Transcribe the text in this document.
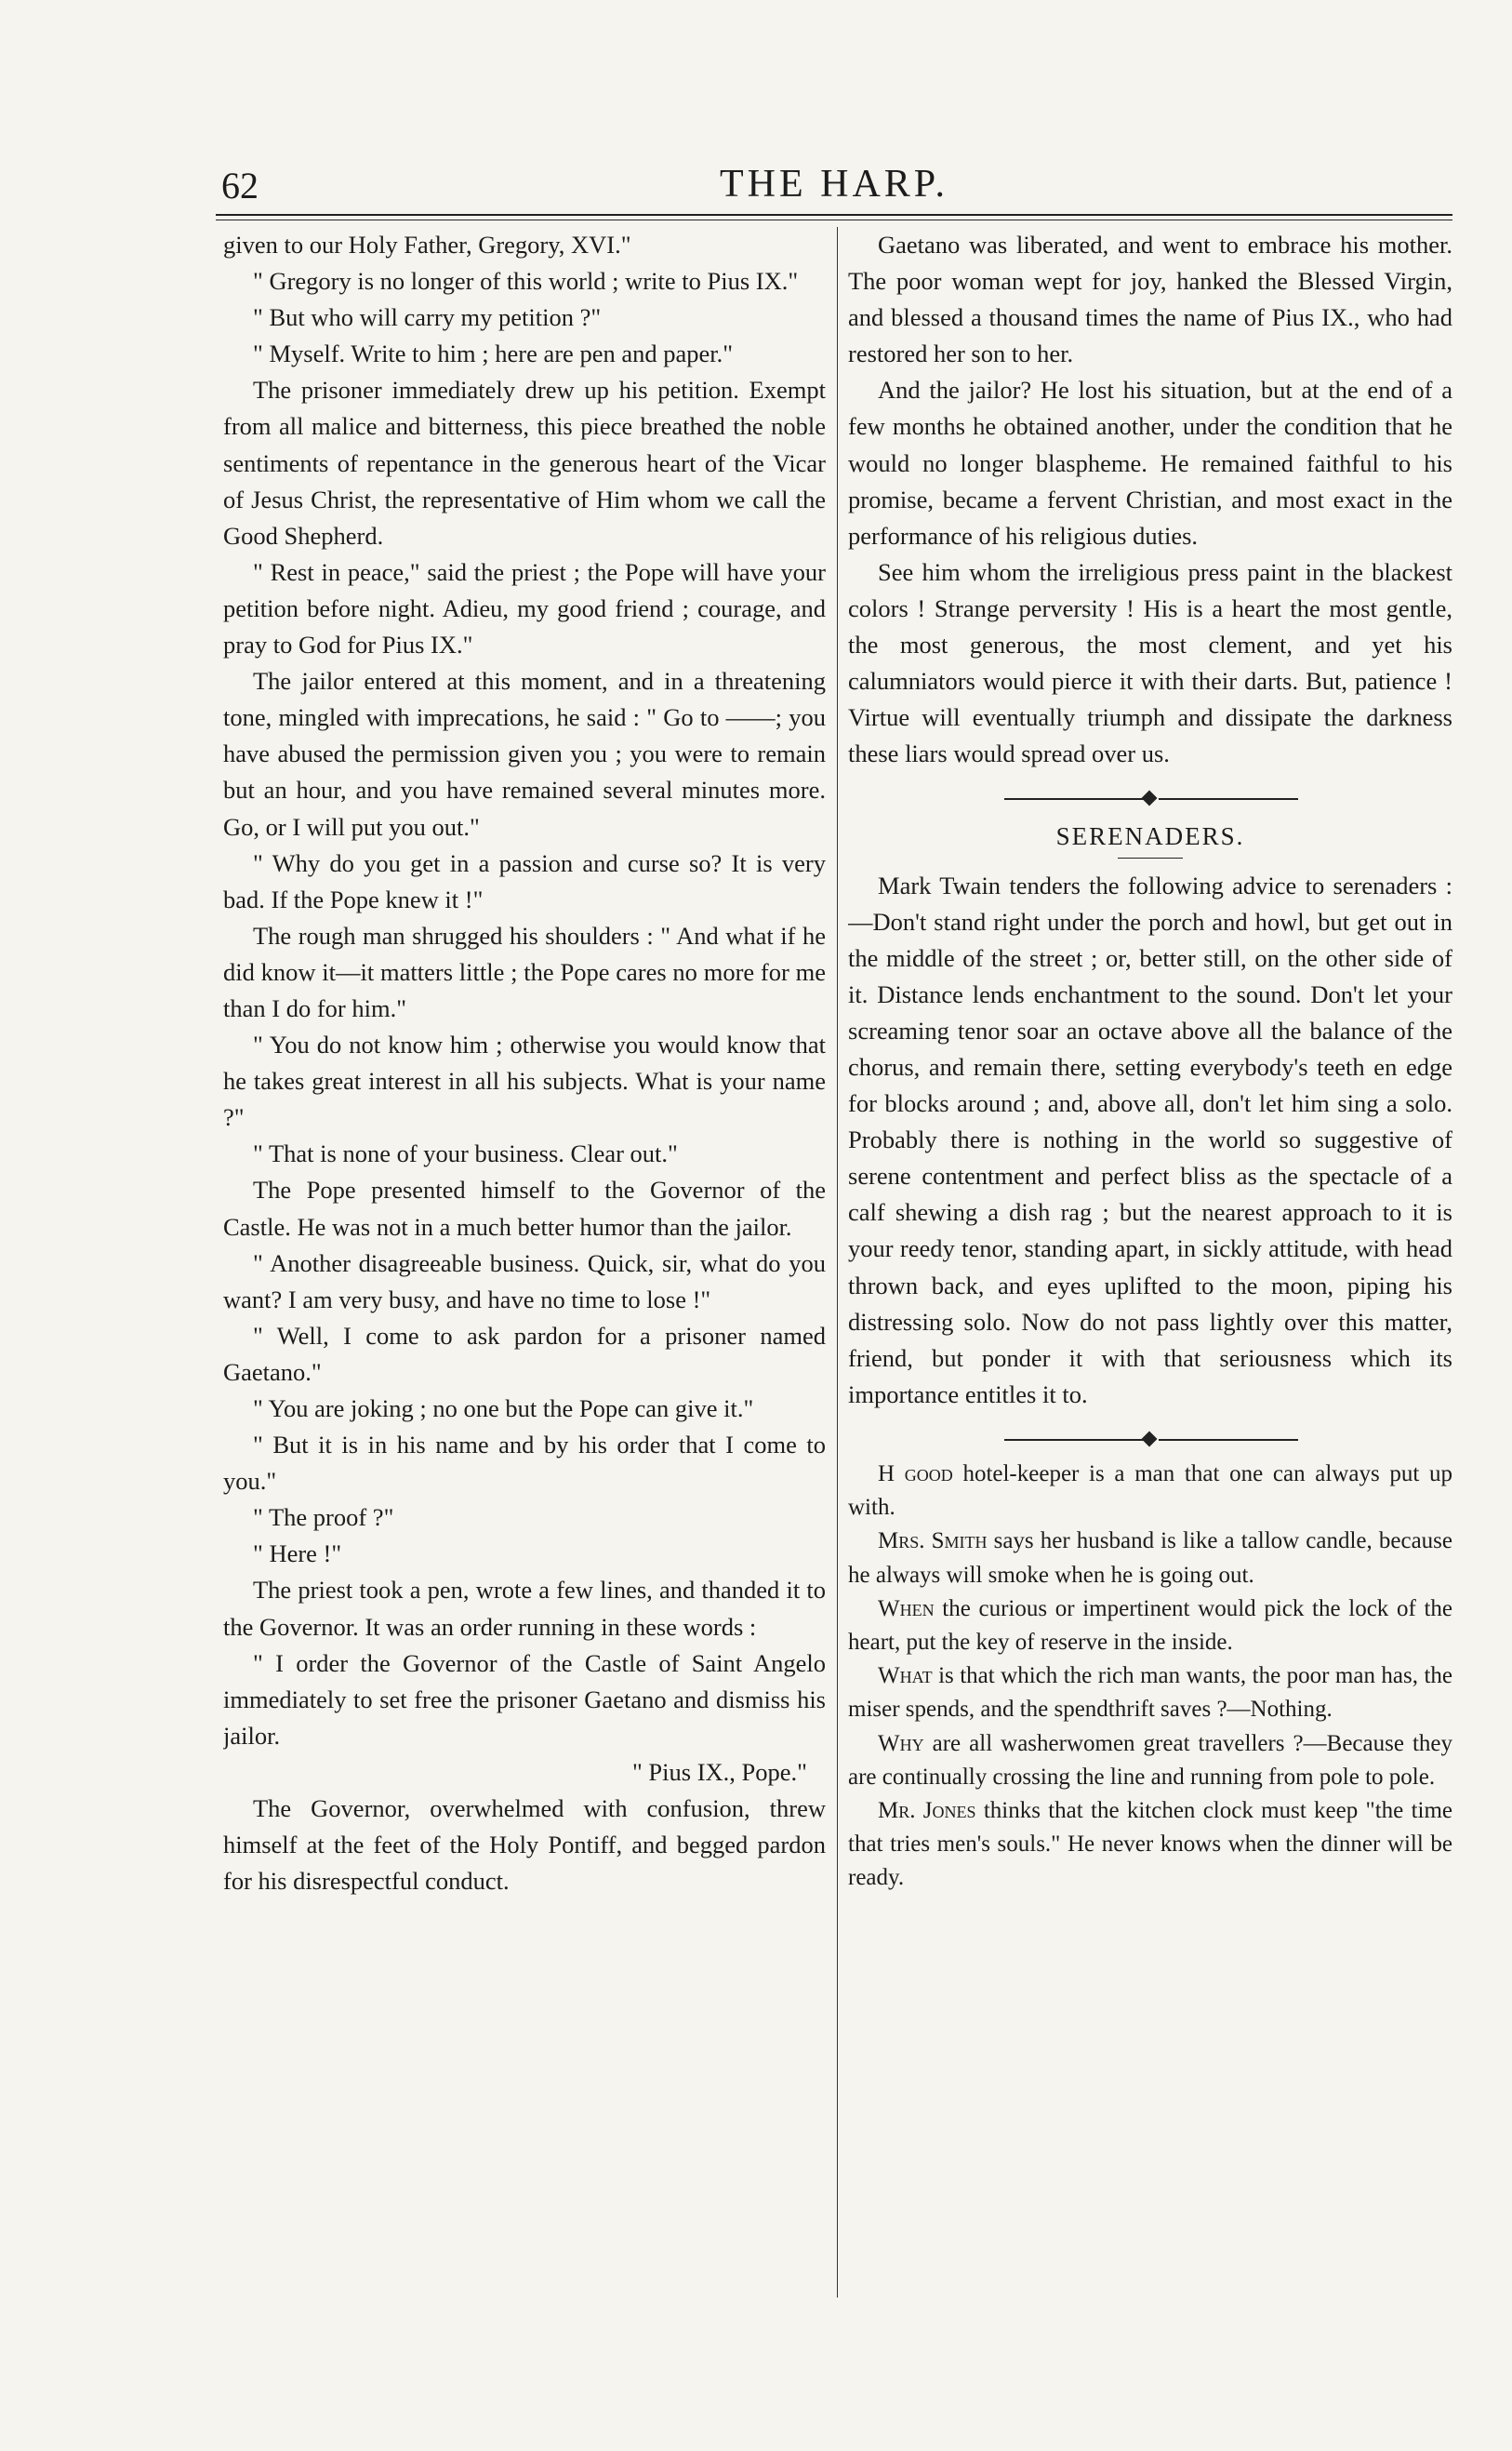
62	THE HARP.

given to our Holy Father, Gregory, XVI."

" Gregory is no longer of this world ; write to Pius IX."

" But who will carry my petition ?"

" Myself. Write to him ; here are pen and paper."

The prisoner immediately drew up his petition. Exempt from all malice and bitterness, this piece breathed the noble sentiments of repentance in the generous heart of the Vicar of Jesus Christ, the representative of Him whom we call the Good Shepherd.

" Rest in peace," said the priest ; the Pope will have your petition before night. Adieu, my good friend ; courage, and pray to God for Pius IX."

The jailor entered at this moment, and in a threatening tone, mingled with imprecations, he said : " Go to ——; you have abused the permission given you ; you were to remain but an hour, and you have remained several minutes more. Go, or I will put you out."

" Why do you get in a passion and curse so? It is very bad. If the Pope knew it !"

The rough man shrugged his shoulders : " And what if he did know it—it matters little ; the Pope cares no more for me than I do for him."

" You do not know him ; otherwise you would know that he takes great interest in all his subjects. What is your name ?"

" That is none of your business. Clear out."

The Pope presented himself to the Governor of the Castle. He was not in a much better humor than the jailor.

" Another disagreeable business. Quick, sir, what do you want? I am very busy, and have no time to lose !"

" Well, I come to ask pardon for a prisoner named Gaetano."

" You are joking ; no one but the Pope can give it."

" But it is in his name and by his order that I come to you."

" The proof ?"

" Here !"

The priest took a pen, wrote a few lines, and thanded it to the Governor. It was an order running in these words :

" I order the Governor of the Castle of Saint Angelo immediately to set free the prisoner Gaetano and dismiss his jailor.

" Pius IX., Pope."

The Governor, overwhelmed with confusion, threw himself at the feet of the Holy Pontiff, and begged pardon for his disrespectful conduct.

Gaetano was liberated, and went to embrace his mother. The poor woman wept for joy, hanked the Blessed Virgin, and blessed a thousand times the name of Pius IX., who had restored her son to her.

And the jailor? He lost his situation, but at the end of a few months he obtained another, under the condition that he would no longer blaspheme. He remained faithful to his promise, became a fervent Christian, and most exact in the performance of his religious duties.

See him whom the irreligious press paint in the blackest colors ! Strange perversity ! His is a heart the most gentle, the most generous, the most clement, and yet his calumniators would pierce it with their darts. But, patience ! Virtue will eventually triumph and dissipate the darkness these liars would spread over us.

SERENADERS.

Mark Twain tenders the following advice to serenaders :—Don't stand right under the porch and howl, but get out in the middle of the street ; or, better still, on the other side of it. Distance lends enchantment to the sound. Don't let your screaming tenor soar an octave above all the balance of the chorus, and remain there, setting everybody's teeth en edge for blocks around ; and, above all, don't let him sing a solo. Probably there is nothing in the world so suggestive of serene contentment and perfect bliss as the spectacle of a calf shewing a dish rag ; but the nearest approach to it is your reedy tenor, standing apart, in sickly attitude, with head thrown back, and eyes uplifted to the moon, piping his distressing solo. Now do not pass lightly over this matter, friend, but ponder it with that seriousness which its importance entitles it to.

H good hotel-keeper is a man that one can always put up with.

Mrs. Smith says her husband is like a tallow candle, because he always will smoke when he is going out.

When the curious or impertinent would pick the lock of the heart, put the key of reserve in the inside.

What is that which the rich man wants, the poor man has, the miser spends, and the spendthrift saves ?—Nothing.

Why are all washerwomen great travellers ?—Because they are continually crossing the line and running from pole to pole.

Mr. Jones thinks that the kitchen clock must keep "the time that tries men's souls." He never knows when the dinner will be ready.
